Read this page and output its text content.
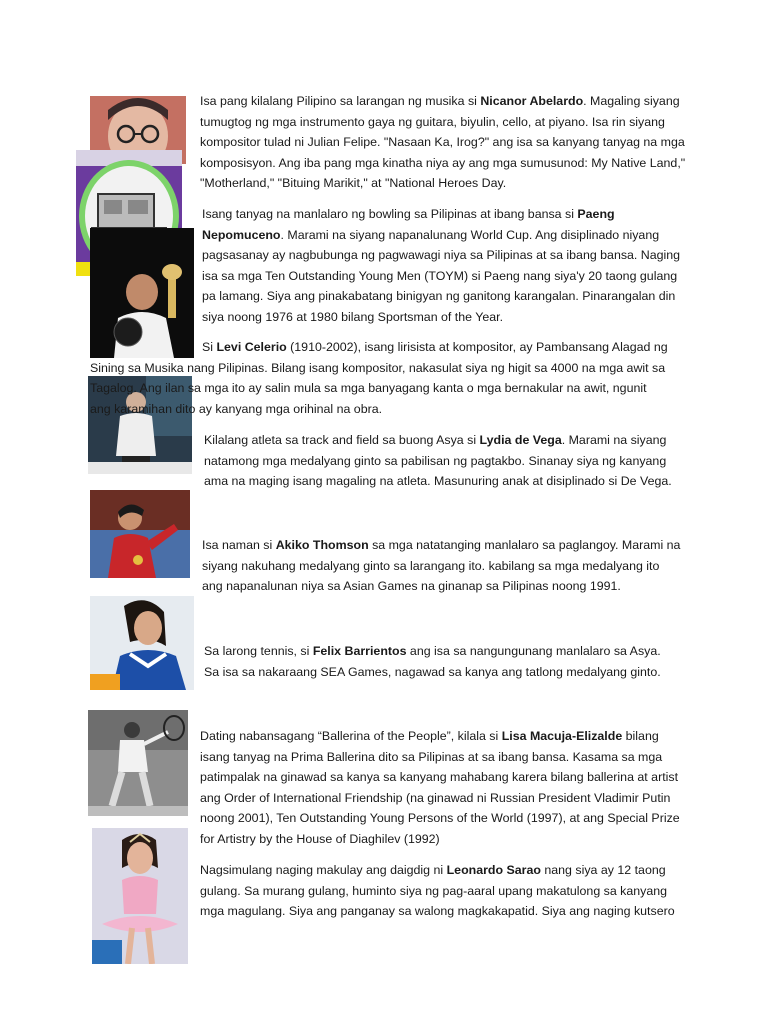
Isa pang kilalang Pilipino sa larangan ng musika si Nicanor Abelardo. Magaling siyang tumugtog ng mga instrumento gaya ng guitara, biyulin, cello, at piyano. Isa rin siyang kompositor tulad ni Julian Felipe. "Nasaan Ka, Irog?" ang isa sa kanyang tanyag na mga komposisyon. Ang iba pang mga kinatha niya ay ang mga sumusunod: My Native Land," "Motherland," "Bituing Marikit," at "National Heroes Day.

Isang tanyag na manlalaro ng bowling sa Pilipinas at ibang bansa si Paeng Nepomuceno. Marami na siyang napanalunang World Cup. Ang disiplinado niyang pagsasanay ay nagbubunga ng pagwawagi niya sa Pilipinas at sa ibang bansa. Naging isa sa mga Ten Outstanding Young Men (TOYM) si Paeng nang siya'y 20 taong gulang pa lamang. Siya ang pinakabatang binigyan ng ganitong karangalan. Pinarangalan din siya noong 1976 at 1980 bilang Sportsman of the Year.

Si Levi Celerio (1910-2002), isang lirisista at kompositor, ay Pambansang Alagad ng Sining sa Musika nang Pilipinas. Bilang isang kompositor, nakasulat siya ng higit sa 4000 na mga awit sa Tagalog. Ang ilan sa mga ito ay salin mula sa mga banyagang kanta o mga bernakular na awit, ngunit ang karamihan dito ay kanyang mga orihinal na obra.

Kilalang atleta sa track and field sa buong Asya si Lydia de Vega. Marami na siyang natamong mga medalyang ginto sa pabilisan ng pagtakbo. Sinanay siya ng kanyang ama na maging isang magaling na atleta. Masunuring anak at disiplinado si De Vega.

Isa naman si Akiko Thomson sa mga natatanging manlalaro sa paglangoy. Marami na siyang nakuhang medalyang ginto sa larangang ito. kabilang sa mga medalyang ito ang napanalunan niya sa Asian Games na ginanap sa Pilipinas noong 1991.

Sa larong tennis, si Felix Barrientos ang isa sa nangungunang manlalaro sa Asya. Sa isa sa nakaraang SEA Games, nagawad sa kanya ang tatlong medalyang ginto.

Dating nabansagang “Ballerina of the People”, kilala si Lisa Macuja-Elizalde bilang isang tanyag na Prima Ballerina dito sa Pilipinas at sa ibang bansa. Kasama sa mga patimpalak na ginawad sa kanya sa kanyang mahabang karera bilang ballerina at artist ang Order of International Friendship (na ginawad ni Russian President Vladimir Putin noong 2001), Ten Outstanding Young Persons of the World (1997), at ang Special Prize for Artistry by the House of Diaghilev (1992)

Nagsimulang naging makulay ang daigdig ni Leonardo Sarao nang siya ay 12 taong gulang. Sa murang gulang, huminto siya ng pag-aaral upang makatulong sa kanyang mga magulang. Siya ang panganay sa walong magkakapatid. Siya ang naging kutsero
